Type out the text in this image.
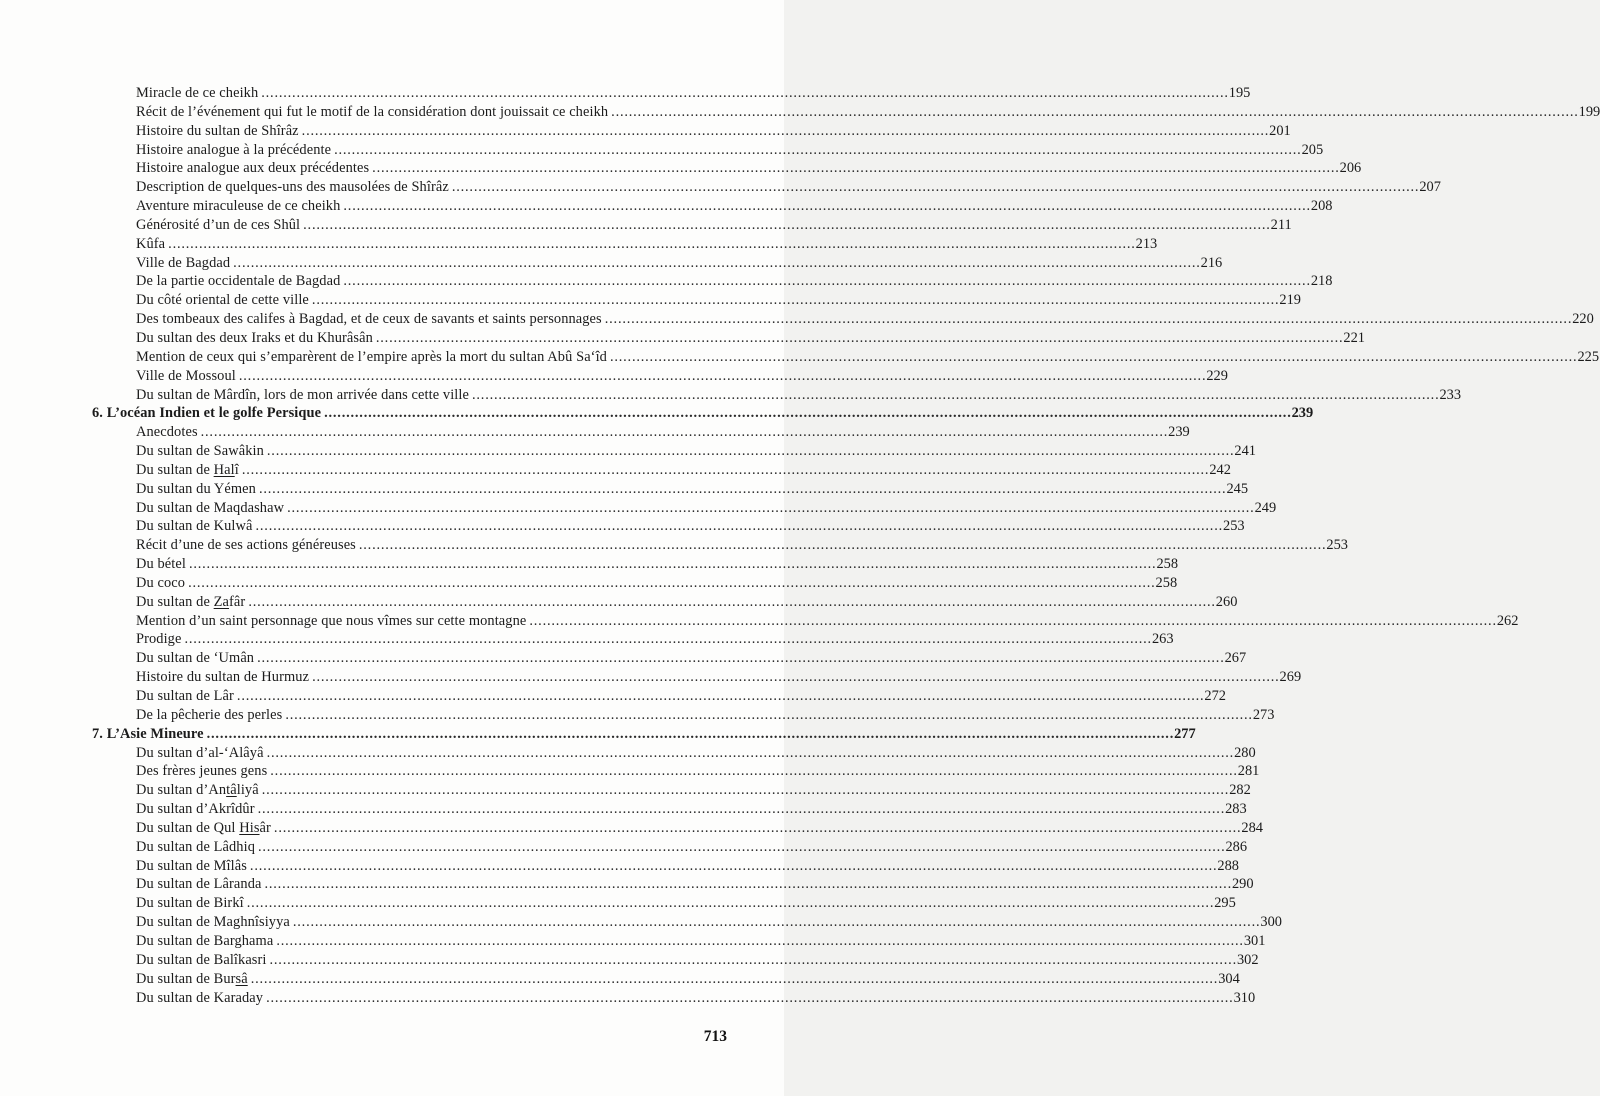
Miracle de ce cheikh ............................................................................................................................................................................................................................ 195
Récit de l’événement qui fut le motif de la considération dont jouissait ce cheikh ............................................................................................................................................................................................................................ 199
Histoire du sultan de Shîrâz ............................................................................................................................................................................................................................ 201
Histoire analogue à la précédente ............................................................................................................................................................................................................................ 205
Histoire analogue aux deux précédentes ............................................................................................................................................................................................................................ 206
Description de quelques-uns des mausolées de Shîrâz ............................................................................................................................................................................................................................ 207
Aventure miraculeuse de ce cheikh ............................................................................................................................................................................................................................ 208
Générosité d’un de ces Shûl ............................................................................................................................................................................................................................ 211
Kûfa ............................................................................................................................................................................................................................ 213
Ville de Bagdad ............................................................................................................................................................................................................................ 216
De la partie occidentale de Bagdad ............................................................................................................................................................................................................................ 218
Du côté oriental de cette ville ............................................................................................................................................................................................................................ 219
Des tombeaux des califes à Bagdad, et de ceux de savants et saints personnages ............................................................................................................................................................................................................................ 220
Du sultan des deux Iraks et du Khurâsân ............................................................................................................................................................................................................................ 221
Mention de ceux qui s’emparèrent de l’empire après la mort du sultan Abû Sa‘îd ............................................................................................................................................................................................................................ 225
Ville de Mossoul ............................................................................................................................................................................................................................ 229
Du sultan de Mârdîn, lors de mon arrivée dans cette ville ............................................................................................................................................................................................................................ 233
6. L’océan Indien et le golfe Persique ............................................................................................................................................................................................................................ 239
Anecdotes ............................................................................................................................................................................................................................ 239
Du sultan de Sawâkin ............................................................................................................................................................................................................................ 241
Du sultan de Halî ............................................................................................................................................................................................................................ 242
Du sultan du Yémen ............................................................................................................................................................................................................................ 245
Du sultan de Maqdashaw ............................................................................................................................................................................................................................ 249
Du sultan de Kulwâ ............................................................................................................................................................................................................................ 253
Récit d’une de ses actions généreuses ............................................................................................................................................................................................................................ 253
Du bétel ............................................................................................................................................................................................................................ 258
Du coco ............................................................................................................................................................................................................................ 258
Du sultan de Zafâr ............................................................................................................................................................................................................................ 260
Mention d’un saint personnage que nous vîmes sur cette montagne ............................................................................................................................................................................................................................ 262
Prodige ............................................................................................................................................................................................................................ 263
Du sultan de ‘Umân ............................................................................................................................................................................................................................ 267
Histoire du sultan de Hurmuz ............................................................................................................................................................................................................................ 269
Du sultan de Lâr ............................................................................................................................................................................................................................ 272
De la pêcherie des perles ............................................................................................................................................................................................................................ 273
7. L’Asie Mineure ............................................................................................................................................................................................................................ 277
Du sultan d’al-‘Alâyâ ............................................................................................................................................................................................................................ 280
Des frères jeunes gens ............................................................................................................................................................................................................................ 281
Du sultan d’Antâliyâ ............................................................................................................................................................................................................................ 282
Du sultan d’Akrîdûr ............................................................................................................................................................................................................................ 283
Du sultan de Qul Hisâr ............................................................................................................................................................................................................................ 284
Du sultan de Lâdhiq ............................................................................................................................................................................................................................ 286
Du sultan de Mîlâs ............................................................................................................................................................................................................................ 288
Du sultan de Lâranda ............................................................................................................................................................................................................................ 290
Du sultan de Birkî ............................................................................................................................................................................................................................ 295
Du sultan de Maghnîsiyya ............................................................................................................................................................................................................................ 300
Du sultan de Barghama ............................................................................................................................................................................................................................ 301
Du sultan de Balîkasri ............................................................................................................................................................................................................................ 302
Du sultan de Bursâ ............................................................................................................................................................................................................................ 304
Du sultan de Karaday ............................................................................................................................................................................................................................ 310
713
